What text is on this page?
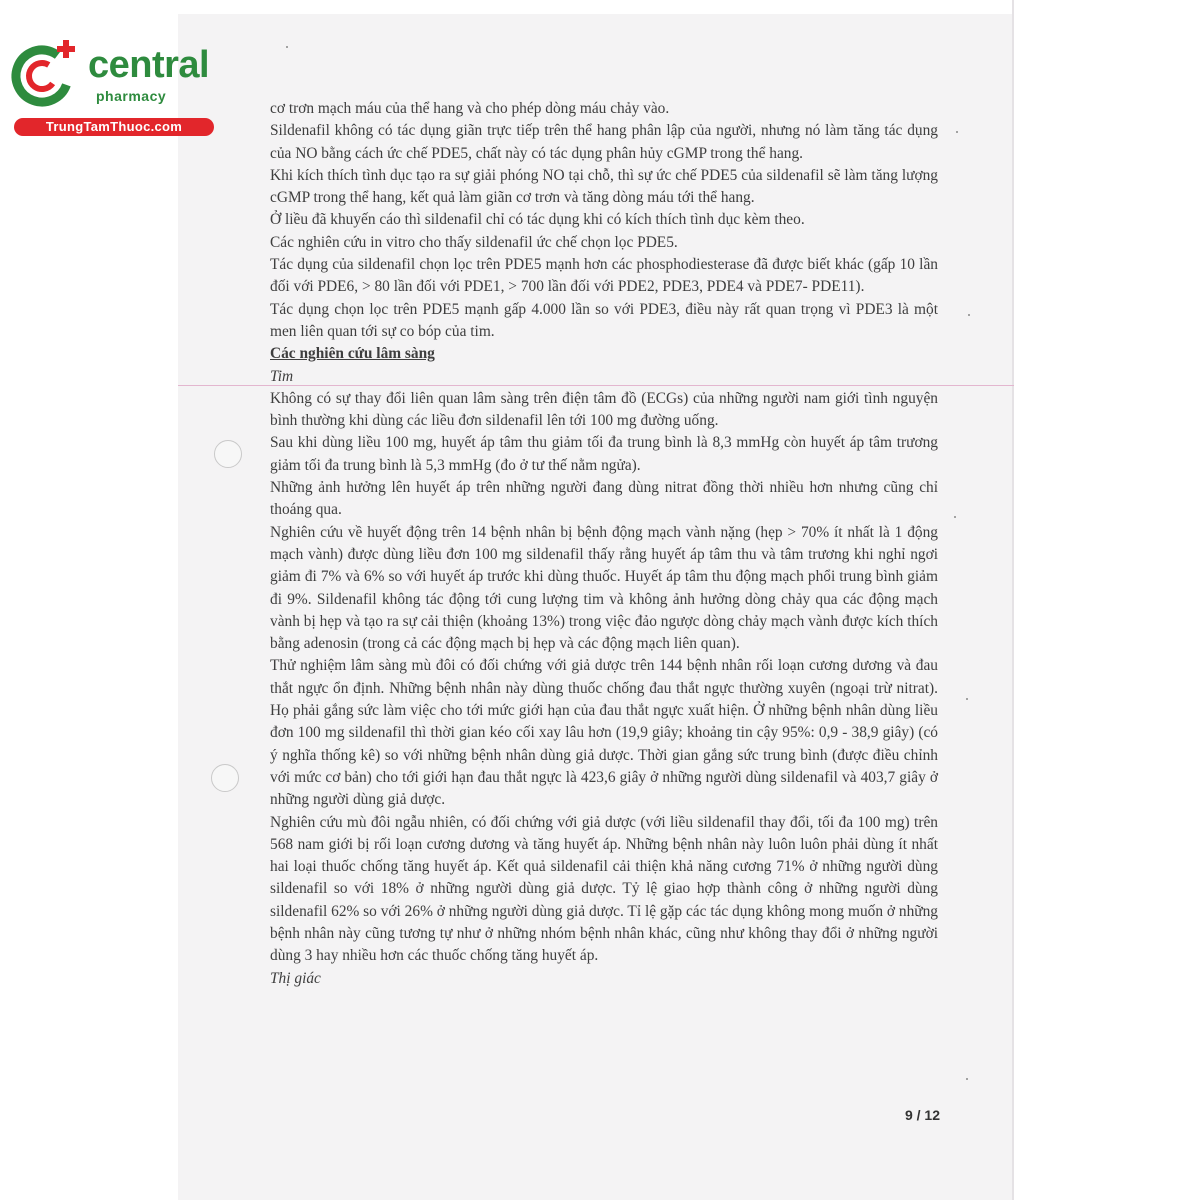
central
pharmacy
TrungTamThuoc.com

cơ trơn mạch máu của thể hang và cho phép dòng máu chảy vào.

Sildenafil không có tác dụng giãn trực tiếp trên thể hang phân lập của người, nhưng nó làm tăng tác dụng của NO bằng cách ức chế PDE5, chất này có tác dụng phân hủy cGMP trong thể hang.

Khi kích thích tình dục tạo ra sự giải phóng NO tại chỗ, thì sự ức chế PDE5 của sildenafil sẽ làm tăng lượng cGMP trong thể hang, kết quả làm giãn cơ trơn và tăng dòng máu tới thể hang.

Ở liều đã khuyến cáo thì sildenafil chỉ có tác dụng khi có kích thích tình dục kèm theo.

Các nghiên cứu in vitro cho thấy sildenafil ức chế chọn lọc PDE5.

Tác dụng của sildenafil chọn lọc trên PDE5 mạnh hơn các phosphodiesterase đã được biết khác (gấp 10 lần đối với PDE6, > 80 lần đối với PDE1, > 700 lần đối với PDE2, PDE3, PDE4 và PDE7- PDE11).

Tác dụng chọn lọc trên PDE5 mạnh gấp 4.000 lần so với PDE3, điều này rất quan trọng vì PDE3 là một men liên quan tới sự co bóp của tim.

Các nghiên cứu lâm sàng

Tim

Không có sự thay đổi liên quan lâm sàng trên điện tâm đồ (ECGs) của những người nam giới tình nguyện bình thường khi dùng các liều đơn sildenafil lên tới 100 mg đường uống.

Sau khi dùng liều 100 mg, huyết áp tâm thu giảm tối đa trung bình là 8,3 mmHg còn huyết áp tâm trương giảm tối đa trung bình là 5,3 mmHg (đo ở tư thế nằm ngửa).

Những ảnh hưởng lên huyết áp trên những người đang dùng nitrat đồng thời nhiều hơn nhưng cũng chỉ thoáng qua.

Nghiên cứu về huyết động trên 14 bệnh nhân bị bệnh động mạch vành nặng (hẹp > 70% ít nhất là 1 động mạch vành) được dùng liều đơn 100 mg sildenafil thấy rằng huyết áp tâm thu và tâm trương khi nghỉ ngơi giảm đi 7% và 6% so với huyết áp trước khi dùng thuốc. Huyết áp tâm thu động mạch phổi trung bình giảm đi 9%. Sildenafil không tác động tới cung lượng tim và không ảnh hưởng dòng chảy qua các động mạch vành bị hẹp và tạo ra sự cải thiện (khoảng 13%) trong việc đảo ngược dòng chảy mạch vành được kích thích bằng adenosin (trong cả các động mạch bị hẹp và các động mạch liên quan).

Thử nghiệm lâm sàng mù đôi có đối chứng với giả dược trên 144 bệnh nhân rối loạn cương dương và đau thắt ngực ổn định. Những bệnh nhân này dùng thuốc chống đau thắt ngực thường xuyên (ngoại trừ nitrat). Họ phải gắng sức làm việc cho tới mức giới hạn của đau thắt ngực xuất hiện. Ở những bệnh nhân dùng liều đơn 100 mg sildenafil thì thời gian kéo cối xay lâu hơn (19,9 giây; khoảng tin cậy 95%: 0,9 - 38,9 giây) (có ý nghĩa thống kê) so với những bệnh nhân dùng giả dược. Thời gian gắng sức trung bình (được điều chỉnh với mức cơ bản) cho tới giới hạn đau thắt ngực là 423,6 giây ở những người dùng sildenafil và 403,7 giây ở những người dùng giả dược.

Nghiên cứu mù đôi ngẫu nhiên, có đối chứng với giả dược (với liều sildenafil thay đổi, tối đa 100 mg) trên 568 nam giới bị rối loạn cương dương và tăng huyết áp. Những bệnh nhân này luôn luôn phải dùng ít nhất hai loại thuốc chống tăng huyết áp. Kết quả sildenafil cải thiện khả năng cương 71% ở những người dùng sildenafil so với 18% ở những người dùng giả dược. Tỷ lệ giao hợp thành công ở những người dùng sildenafil 62% so với 26% ở những người dùng giả dược. Tỉ lệ gặp các tác dụng không mong muốn ở những bệnh nhân này cũng tương tự như ở những nhóm bệnh nhân khác, cũng như không thay đổi ở những người dùng 3 hay nhiều hơn các thuốc chống tăng huyết áp.

Thị giác

9 / 12
